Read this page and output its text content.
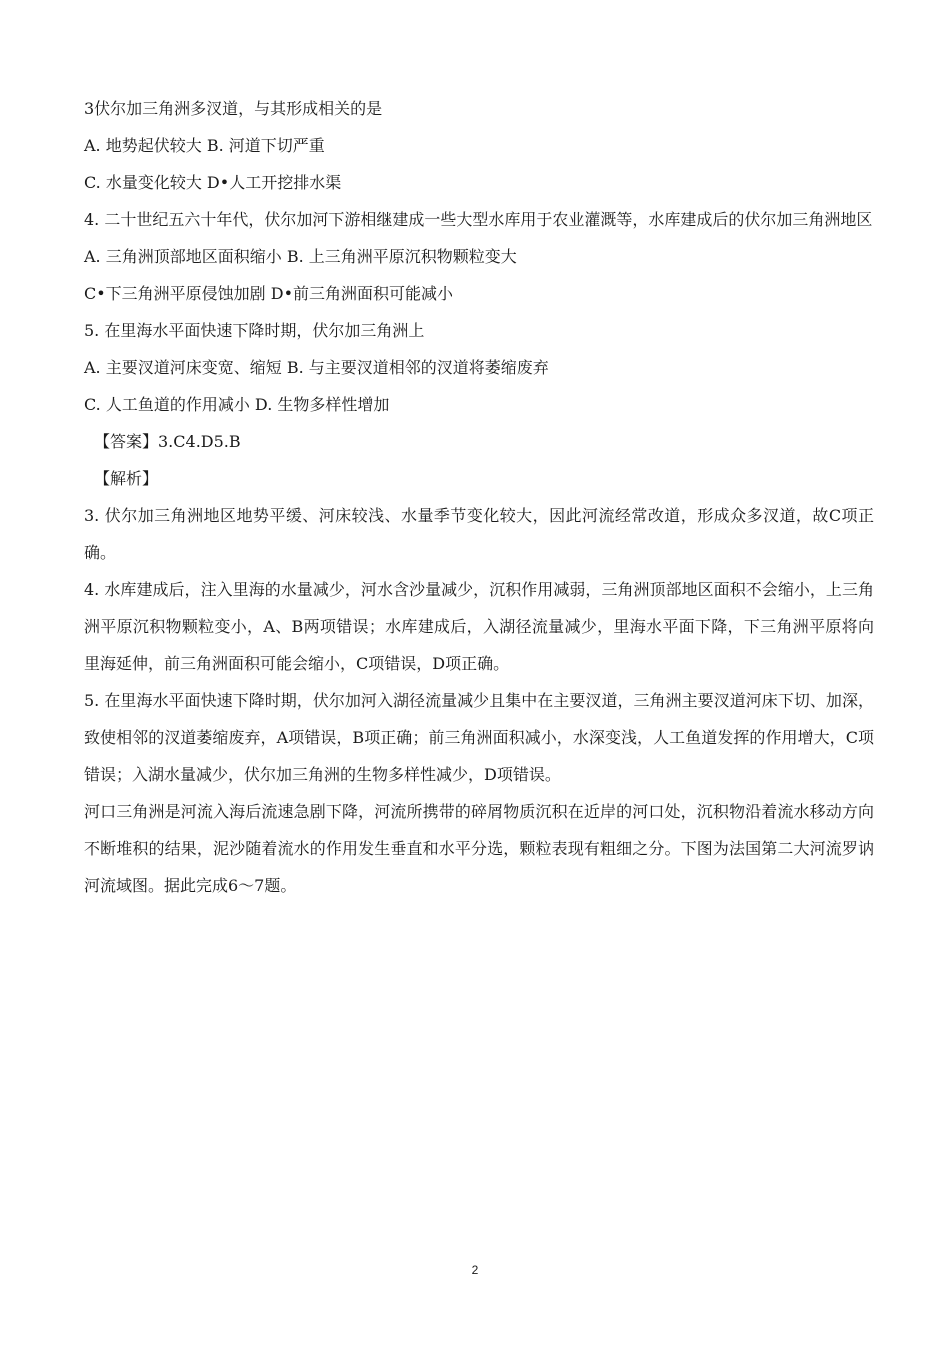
3伏尔加三角洲多汊道，与其形成相关的是

A. 地势起伏较大 B. 河道下切严重

C. 水量变化较大 D•人工开挖排水渠

4. 二十世纪五六十年代，伏尔加河下游相继建成一些大型水库用于农业灌溉等，水库建成后的伏尔加三角洲地区

A. 三角洲顶部地区面积缩小 B. 上三角洲平原沉积物颗粒变大

C•下三角洲平原侵蚀加剧 D•前三角洲面积可能减小

5. 在里海水平面快速下降时期，伏尔加三角洲上

A. 主要汊道河床变宽、缩短 B. 与主要汊道相邻的汊道将萎缩废弃

C. 人工鱼道的作用减小 D. 生物多样性增加

【答案】3.C4.D5.B

【解析】

3. 伏尔加三角洲地区地势平缓、河床较浅、水量季节变化较大，因此河流经常改道，形成众多汊道，故C项正确。

4. 水库建成后，注入里海的水量减少，河水含沙量减少，沉积作用减弱，三角洲顶部地区面积不会缩小，上三角洲平原沉积物颗粒变小，A、B两项错误；水库建成后，入湖径流量减少，里海水平面下降，下三角洲平原将向里海延伸，前三角洲面积可能会缩小，C项错误，D项正确。

5. 在里海水平面快速下降时期，伏尔加河入湖径流量减少且集中在主要汊道，三角洲主要汊道河床下切、加深，致使相邻的汊道萎缩废弃，A项错误，B项正确；前三角洲面积减小，水深变浅，人工鱼道发挥的作用增大，C项错误；入湖水量减少，伏尔加三角洲的生物多样性减少，D项错误。

河口三角洲是河流入海后流速急剧下降，河流所携带的碎屑物质沉积在近岸的河口处，沉积物沿着流水移动方向不断堆积的结果，泥沙随着流水的作用发生垂直和水平分选，颗粒表现有粗细之分。下图为法国第二大河流罗讷河流域图。据此完成6〜7题。

2
